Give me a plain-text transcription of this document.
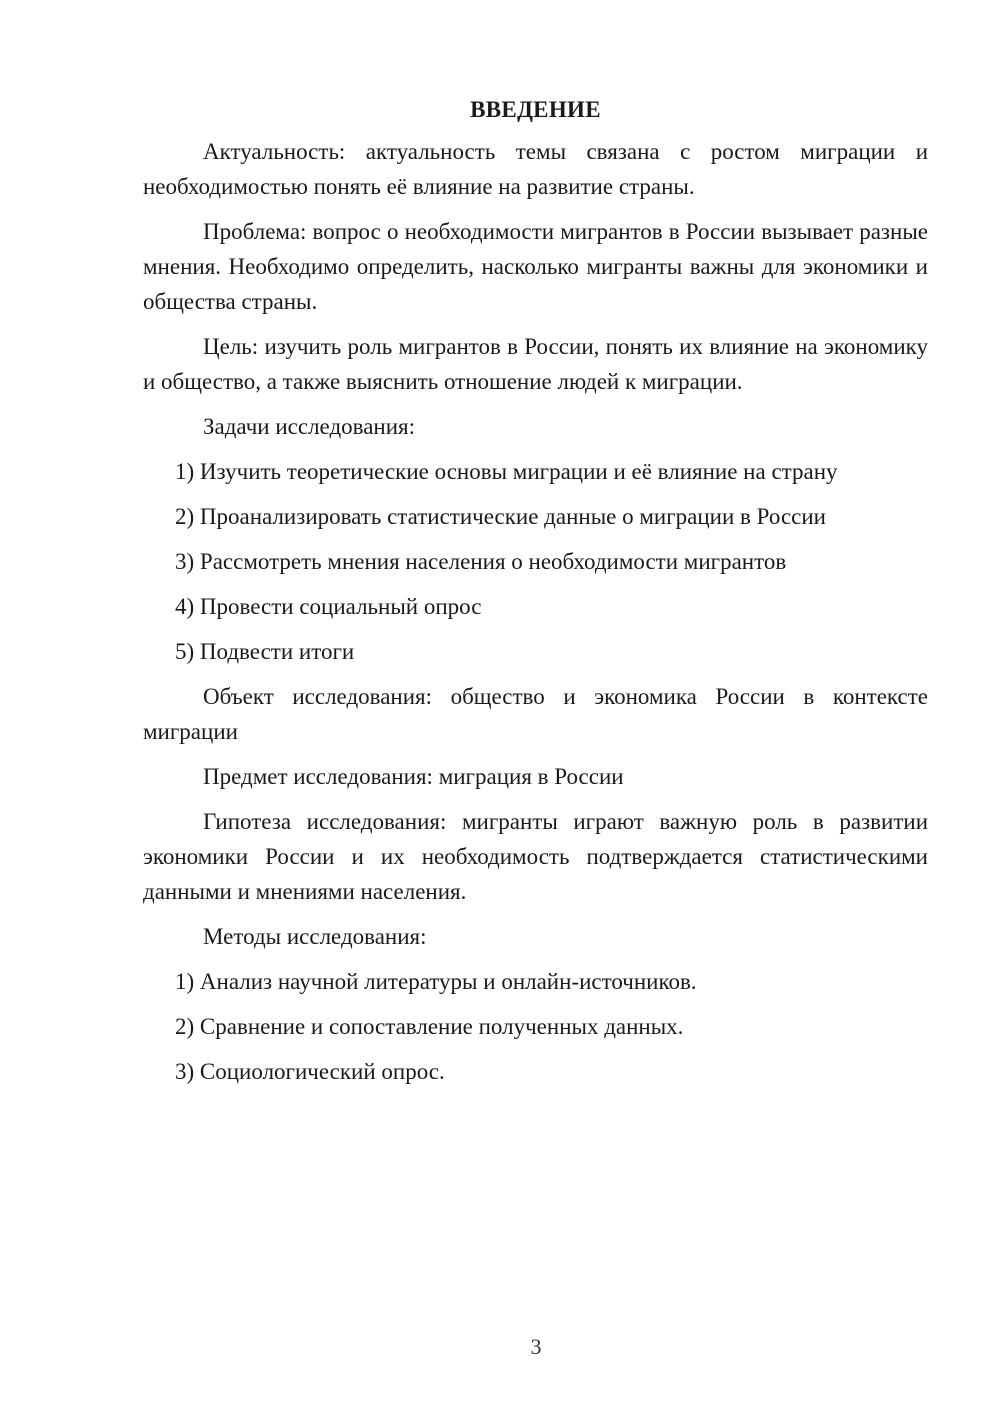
ВВЕДЕНИЕ

Актуальность: актуальность темы связана с ростом миграции и необходимостью понять её влияние на развитие страны.

Проблема: вопрос о необходимости мигрантов в России вызывает разные мнения. Необходимо определить, насколько мигранты важны для экономики и общества страны.

Цель: изучить роль мигрантов в России, понять их влияние на экономику и общество, а также выяснить отношение людей к миграции.

Задачи исследования:

1) Изучить теоретические основы миграции и её влияние на страну
2) Проанализировать статистические данные о миграции в России
3) Рассмотреть мнения населения о необходимости мигрантов
4) Провести социальный опрос
5) Подвести итоги

Объект исследования: общество и экономика России в контексте миграции

Предмет исследования: миграция в России

Гипотеза исследования: мигранты играют важную роль в развитии экономики России и их необходимость подтверждается статистическими данными и мнениями населения.

Методы исследования:

1) Анализ научной литературы и онлайн-источников.
2) Сравнение и сопоставление полученных данных.
3) Социологический опрос.
3
